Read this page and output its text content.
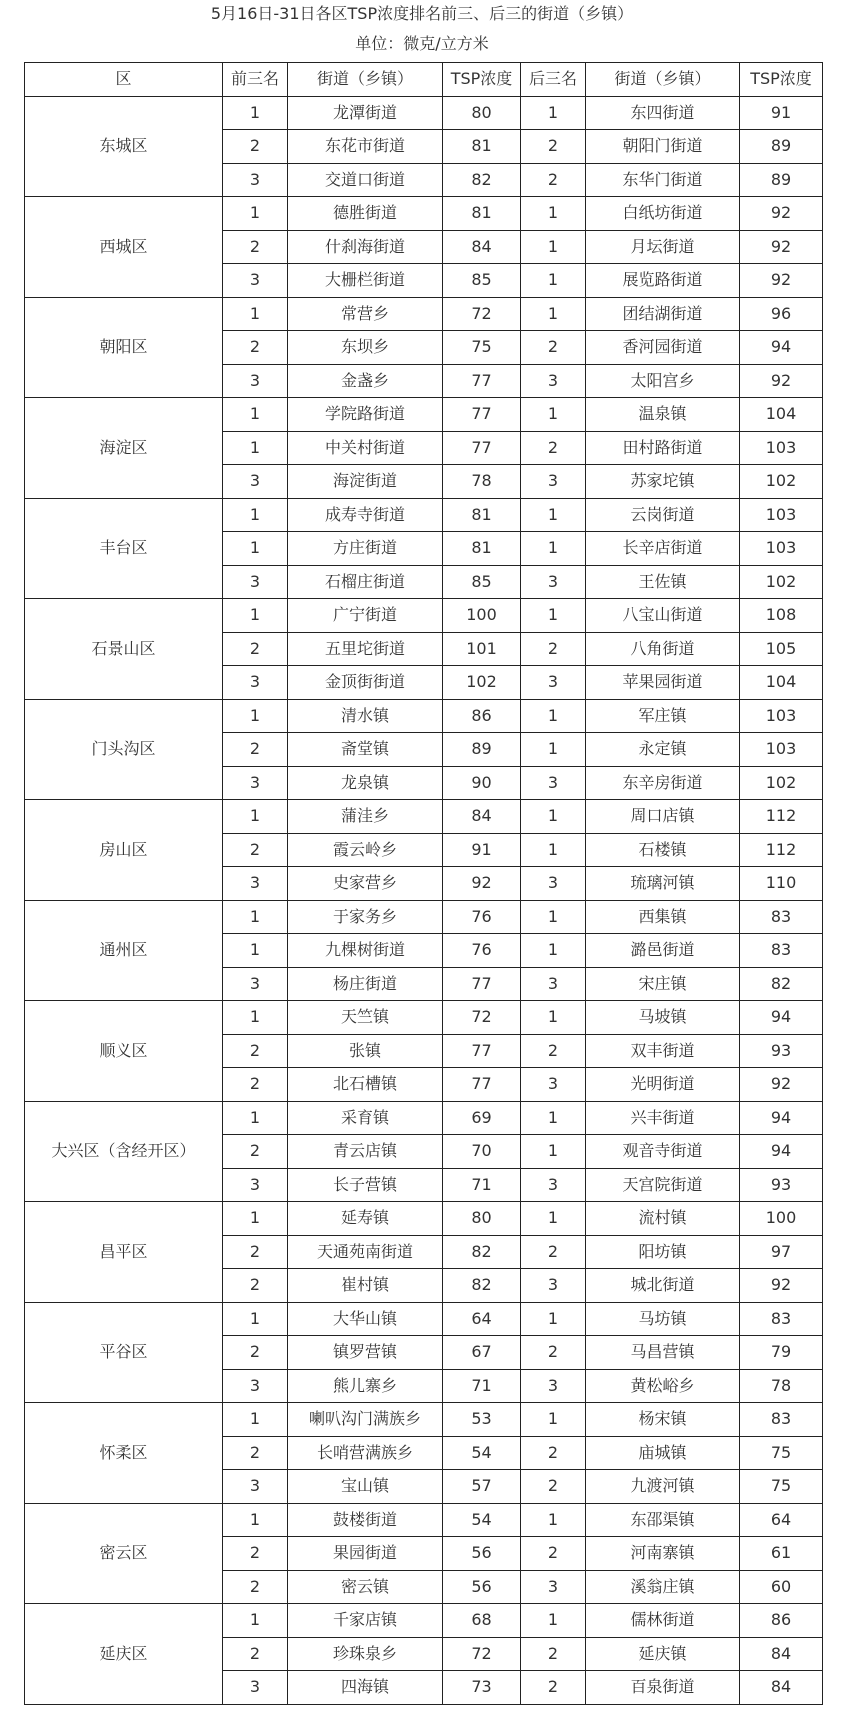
5月16日-31日各区TSP浓度排名前三、后三的街道（乡镇）
单位：微克/立方米
区	前三名	街道（乡镇）	TSP浓度	后三名	街道（乡镇）	TSP浓度
东城区	1	龙潭街道	80	1	东四街道	91
	2	东花市街道	81	2	朝阳门街道	89
	3	交道口街道	82	2	东华门街道	89
西城区	1	德胜街道	81	1	白纸坊街道	92
	2	什刹海街道	84	1	月坛街道	92
	3	大栅栏街道	85	1	展览路街道	92
朝阳区	1	常营乡	72	1	团结湖街道	96
	2	东坝乡	75	2	香河园街道	94
	3	金盏乡	77	3	太阳宫乡	92
海淀区	1	学院路街道	77	1	温泉镇	104
	1	中关村街道	77	2	田村路街道	103
	3	海淀街道	78	3	苏家坨镇	102
丰台区	1	成寿寺街道	81	1	云岗街道	103
	1	方庄街道	81	1	长辛店街道	103
	3	石榴庄街道	85	3	王佐镇	102
石景山区	1	广宁街道	100	1	八宝山街道	108
	2	五里坨街道	101	2	八角街道	105
	3	金顶街街道	102	3	苹果园街道	104
门头沟区	1	清水镇	86	1	军庄镇	103
	2	斋堂镇	89	1	永定镇	103
	3	龙泉镇	90	3	东辛房街道	102
房山区	1	蒲洼乡	84	1	周口店镇	112
	2	霞云岭乡	91	1	石楼镇	112
	3	史家营乡	92	3	琉璃河镇	110
通州区	1	于家务乡	76	1	西集镇	83
	1	九棵树街道	76	1	潞邑街道	83
	3	杨庄街道	77	3	宋庄镇	82
顺义区	1	天竺镇	72	1	马坡镇	94
	2	张镇	77	2	双丰街道	93
	2	北石槽镇	77	3	光明街道	92
大兴区（含经开区）	1	采育镇	69	1	兴丰街道	94
	2	青云店镇	70	1	观音寺街道	94
	3	长子营镇	71	3	天宫院街道	93
昌平区	1	延寿镇	80	1	流村镇	100
	2	天通苑南街道	82	2	阳坊镇	97
	2	崔村镇	82	3	城北街道	92
平谷区	1	大华山镇	64	1	马坊镇	83
	2	镇罗营镇	67	2	马昌营镇	79
	3	熊儿寨乡	71	3	黄松峪乡	78
怀柔区	1	喇叭沟门满族乡	53	1	杨宋镇	83
	2	长哨营满族乡	54	2	庙城镇	75
	3	宝山镇	57	2	九渡河镇	75
密云区	1	鼓楼街道	54	1	东邵渠镇	64
	2	果园街道	56	2	河南寨镇	61
	2	密云镇	56	3	溪翁庄镇	60
延庆区	1	千家店镇	68	1	儒林街道	86
	2	珍珠泉乡	72	2	延庆镇	84
	3	四海镇	73	2	百泉街道	84
